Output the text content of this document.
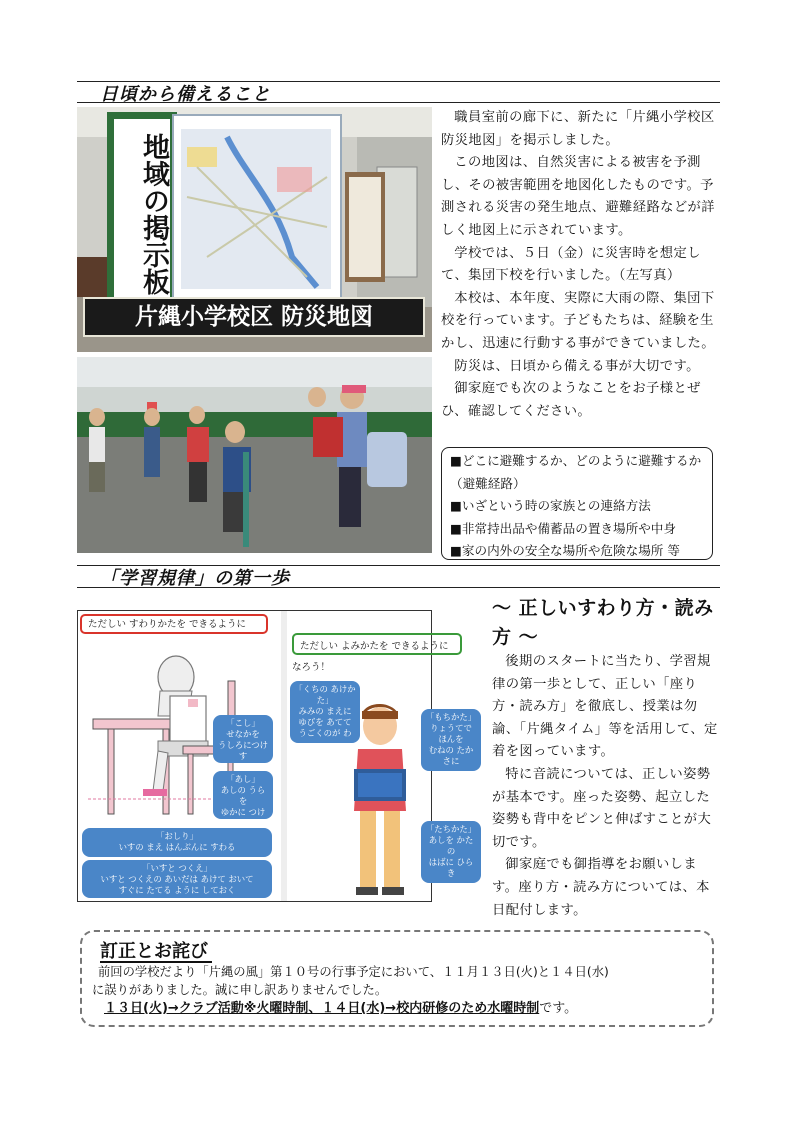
日頃から備えること
地域の掲示板
片縄小学校区 防災地図

職員室前の廊下に、新たに「片縄小学校区防災地図」を掲示しました。

この地図は、自然災害による被害を予測し、その被害範囲を地図化したものです。予測される災害の発生地点、避難経路などが詳しく地図上に示されています。

学校では、５日（金）に災害時を想定して、集団下校を行いました。（左写真）

本校は、本年度、実際に大雨の際、集団下校を行っています。子どもたちは、経験を生かし、迅速に行動する事ができていました。

防災は、日頃から備える事が大切です。

御家庭でも次のようなことをお子様とぜひ、確認してください。

■どこに避難するか、どのように避難するか（避難経路）
■いざという時の家族との連絡方法
■非常持出品や備蓄品の置き場所や中身
■家の内外の安全な場所や危険な場所 等
「学習規律」の第一歩
ただしい すわりかたを できるように
ただしい よみかたを できるように
なろう！
「こし」
せなかを
うしろにつけ
す
「あし」
あしの うら
を
ゆかに つけ
「おしり」
いすの まえ はんぶんに すわる
「いすと つくえ」
いすと つくえの あいだは あけて おいて
すぐに たてる ように しておく
「くちの あけかた」
みみの まえに
ゆびを あてて
うごくのが わ
「もちかた」
りょうてで
ほんを
むねの たか
さに
・・
「たちかた」
あしを かた
の
はばに ひら
き
～ 正しいすわり方・読み方 ～

後期のスタートに当たり、学習規律の第一歩として、正しい「座り方・読み方」を徹底し、授業は勿論、「片縄タイム」等を活用して、定着を図っています。

特に音読については、正しい姿勢が基本です。座った姿勢、起立した姿勢も背中をピンと伸ばすことが大切です。

御家庭でも御指導をお願いします。座り方・読み方については、本日配付します。

訂正とお詫び
前回の学校だより「片縄の風」第１０号の行事予定において、１１月１３日(火)と１４日(水)
に誤りがありました。誠に申し訳ありませんでした。
１３日(火)→クラブ活動※火曜時制、１４日(水)→校内研修のため水曜時制です。
